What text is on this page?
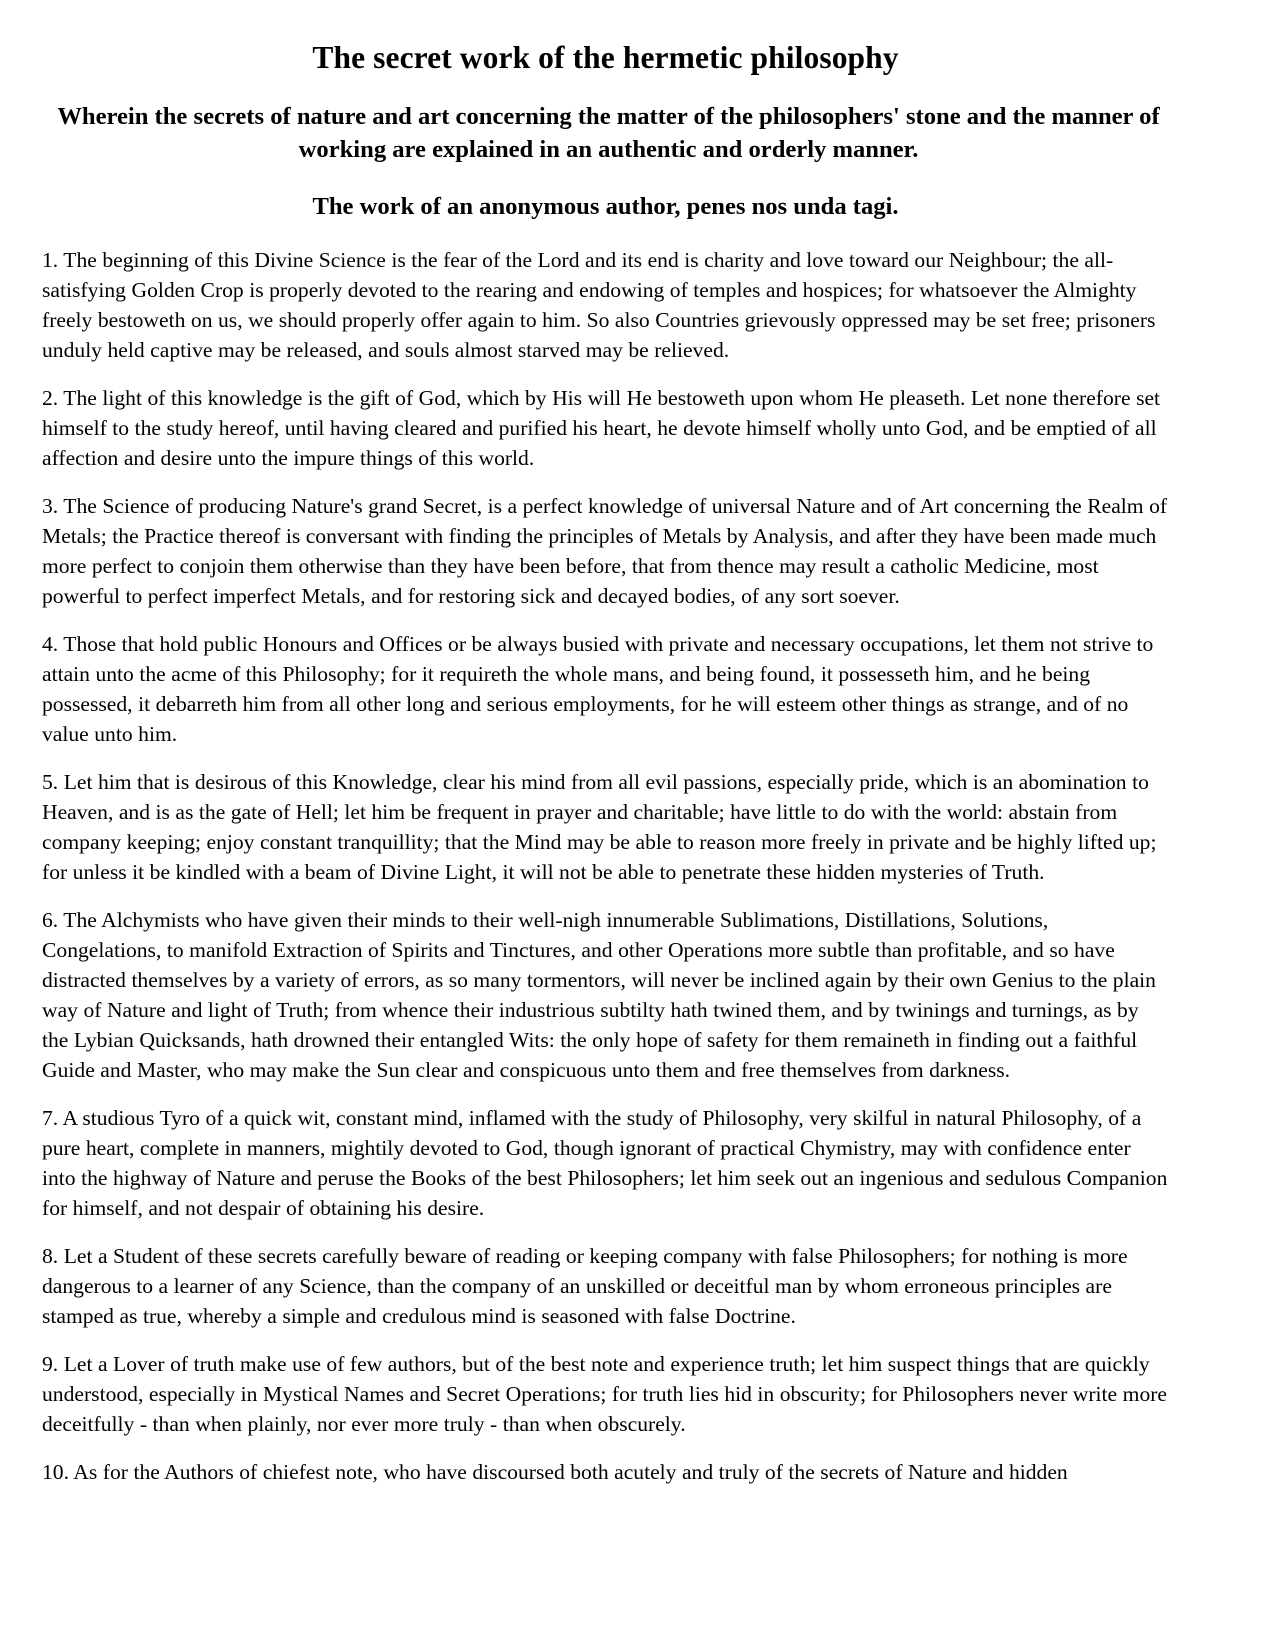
The secret work of the hermetic philosophy
Wherein the secrets of nature and art concerning the matter of the philosophers' stone and the manner of working are explained in an authentic and orderly manner.
The work of an anonymous author, penes nos unda tagi.

1. The beginning of this Divine Science is the fear of the Lord and its end is charity and love toward our Neighbour; the all-satisfying Golden Crop is properly devoted to the rearing and endowing of temples and hospices; for whatsoever the Almighty freely bestoweth on us, we should properly offer again to him. So also Countries grievously oppressed may be set free; prisoners unduly held captive may be released, and souls almost starved may be relieved.

2. The light of this knowledge is the gift of God, which by His will He bestoweth upon whom He pleaseth. Let none therefore set himself to the study hereof, until having cleared and purified his heart, he devote himself wholly unto God, and be emptied of all affection and desire unto the impure things of this world.

3. The Science of producing Nature's grand Secret, is a perfect knowledge of universal Nature and of Art concerning the Realm of Metals; the Practice thereof is conversant with finding the principles of Metals by Analysis, and after they have been made much more perfect to conjoin them otherwise than they have been before, that from thence may result a catholic Medicine, most powerful to perfect imperfect Metals, and for restoring sick and decayed bodies, of any sort soever.

4. Those that hold public Honours and Offices or be always busied with private and necessary occupations, let them not strive to attain unto the acme of this Philosophy; for it requireth the whole mans, and being found, it possesseth him, and he being possessed, it debarreth him from all other long and serious employments, for he will esteem other things as strange, and of no value unto him.

5. Let him that is desirous of this Knowledge, clear his mind from all evil passions, especially pride, which is an abomination to Heaven, and is as the gate of Hell; let him be frequent in prayer and charitable; have little to do with the world: abstain from company keeping; enjoy constant tranquillity; that the Mind may be able to reason more freely in private and be highly lifted up; for unless it be kindled with a beam of Divine Light, it will not be able to penetrate these hidden mysteries of Truth.

6. The Alchymists who have given their minds to their well-nigh innumerable Sublimations, Distillations, Solutions, Congelations, to manifold Extraction of Spirits and Tinctures, and other Operations more subtle than profitable, and so have distracted themselves by a variety of errors, as so many tormentors, will never be inclined again by their own Genius to the plain way of Nature and light of Truth; from whence their industrious subtilty hath twined them, and by twinings and turnings, as by the Lybian Quicksands, hath drowned their entangled Wits: the only hope of safety for them remaineth in finding out a faithful Guide and Master, who may make the Sun clear and conspicuous unto them and free themselves from darkness.

7. A studious Tyro of a quick wit, constant mind, inflamed with the study of Philosophy, very skilful in natural Philosophy, of a pure heart, complete in manners, mightily devoted to God, though ignorant of practical Chymistry, may with confidence enter into the highway of Nature and peruse the Books of the best Philosophers; let him seek out an ingenious and sedulous Companion for himself, and not despair of obtaining his desire.

8. Let a Student of these secrets carefully beware of reading or keeping company with false Philosophers; for nothing is more dangerous to a learner of any Science, than the company of an unskilled or deceitful man by whom erroneous principles are stamped as true, whereby a simple and credulous mind is seasoned with false Doctrine.

9. Let a Lover of truth make use of few authors, but of the best note and experience truth; let him suspect things that are quickly understood, especially in Mystical Names and Secret Operations; for truth lies hid in obscurity; for Philosophers never write more deceitfully - than when plainly, nor ever more truly - than when obscurely.

10. As for the Authors of chiefest note, who have discoursed both acutely and truly of the secrets of Nature and hidden
